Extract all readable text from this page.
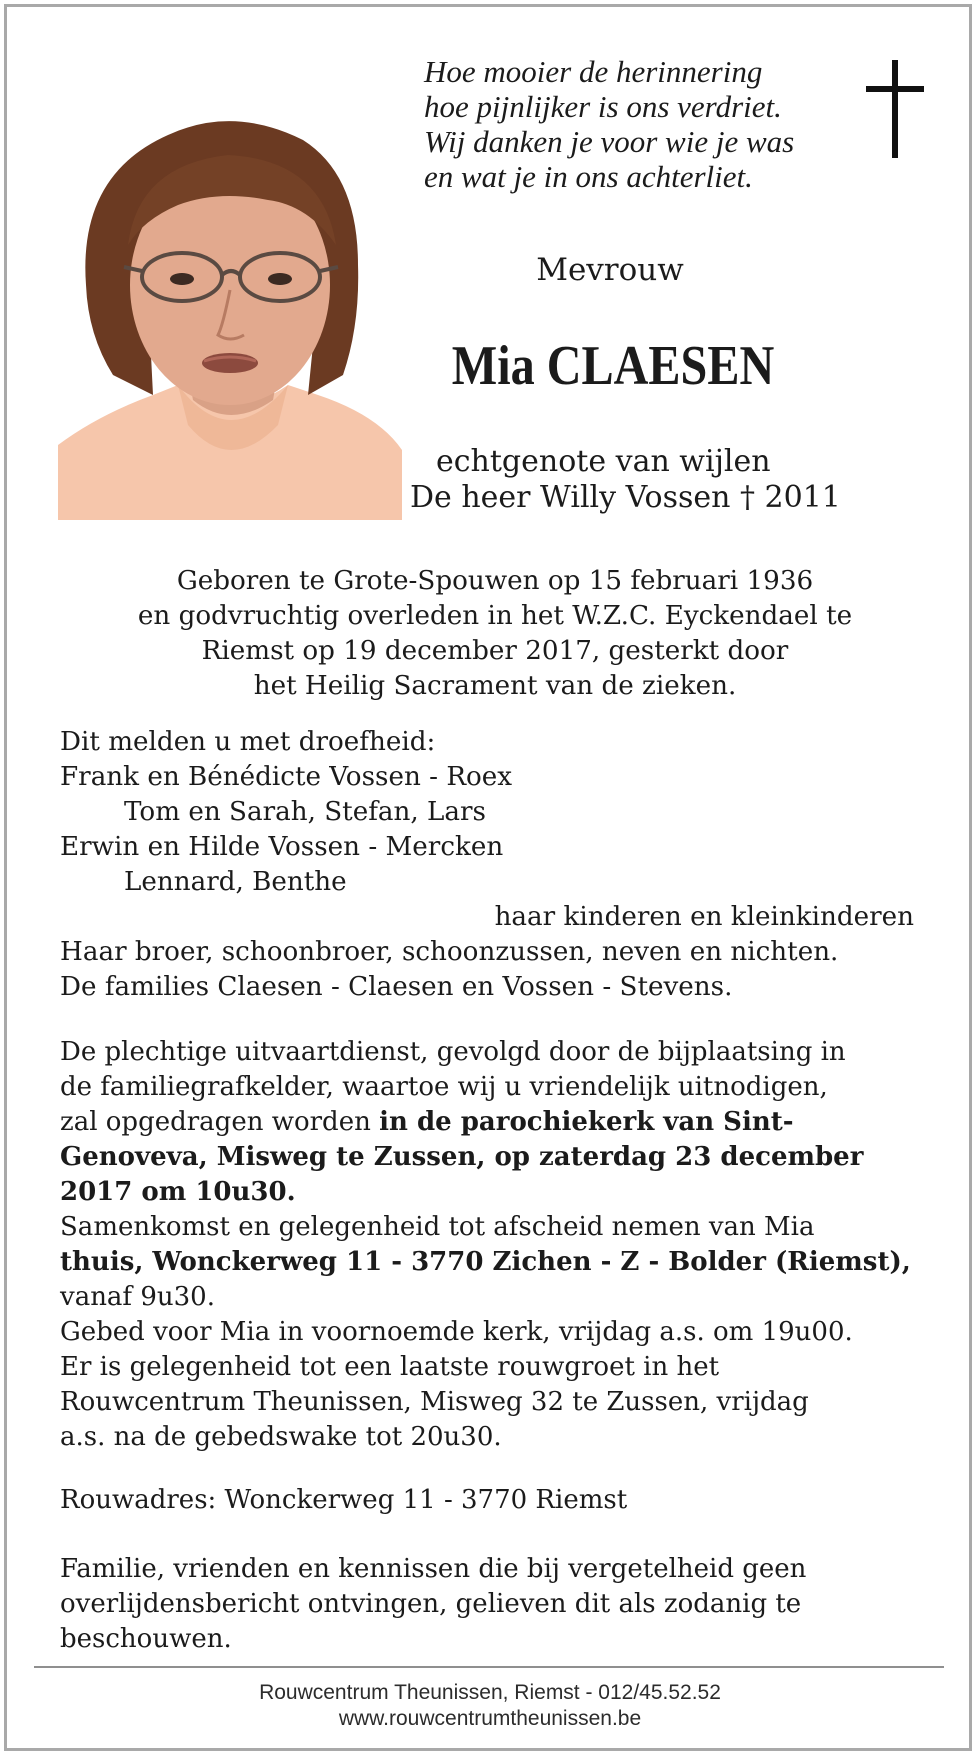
Hoe mooier de herinnering
hoe pijnlijker is ons verdriet.
Wij danken je voor wie je was
en wat je in ons achterliet.
Mevrouw
Mia CLAESEN
echtgenote van wijlen
De heer Willy Vossen † 2011
Geboren te Grote-Spouwen op 15 februari 1936
en godvruchtig overleden in het W.Z.C. Eyckendael te
Riemst op 19 december 2017, gesterkt door
het Heilig Sacrament van de zieken.
Dit melden u met droefheid:
Frank en Bénédicte Vossen - Roex
Tom en Sarah, Stefan, Lars
Erwin en Hilde Vossen - Mercken
Lennard, Benthe
haar kinderen en kleinkinderen
Haar broer, schoonbroer, schoonzussen, neven en nichten.
De families Claesen - Claesen en Vossen - Stevens.
De plechtige uitvaartdienst, gevolgd door de bijplaatsing in
de familiegrafkelder, waartoe wij u vriendelijk uitnodigen,
zal opgedragen worden in de parochiekerk van Sint-
Genoveva, Misweg te Zussen, op zaterdag 23 december
2017 om 10u30.
Samenkomst en gelegenheid tot afscheid nemen van Mia
thuis, Wonckerweg 11 - 3770 Zichen - Z - Bolder (Riemst),
vanaf 9u30.
Gebed voor Mia in voornoemde kerk, vrijdag a.s. om 19u00.
Er is gelegenheid tot een laatste rouwgroet in het
Rouwcentrum Theunissen, Misweg 32 te Zussen, vrijdag
a.s. na de gebedswake tot 20u30.
Rouwadres: Wonckerweg 11 - 3770 Riemst
Familie, vrienden en kennissen die bij vergetelheid geen
overlijdensbericht ontvingen, gelieven dit als zodanig te
beschouwen.
Rouwcentrum Theunissen, Riemst - 012/45.52.52
www.rouwcentrumtheunissen.be
